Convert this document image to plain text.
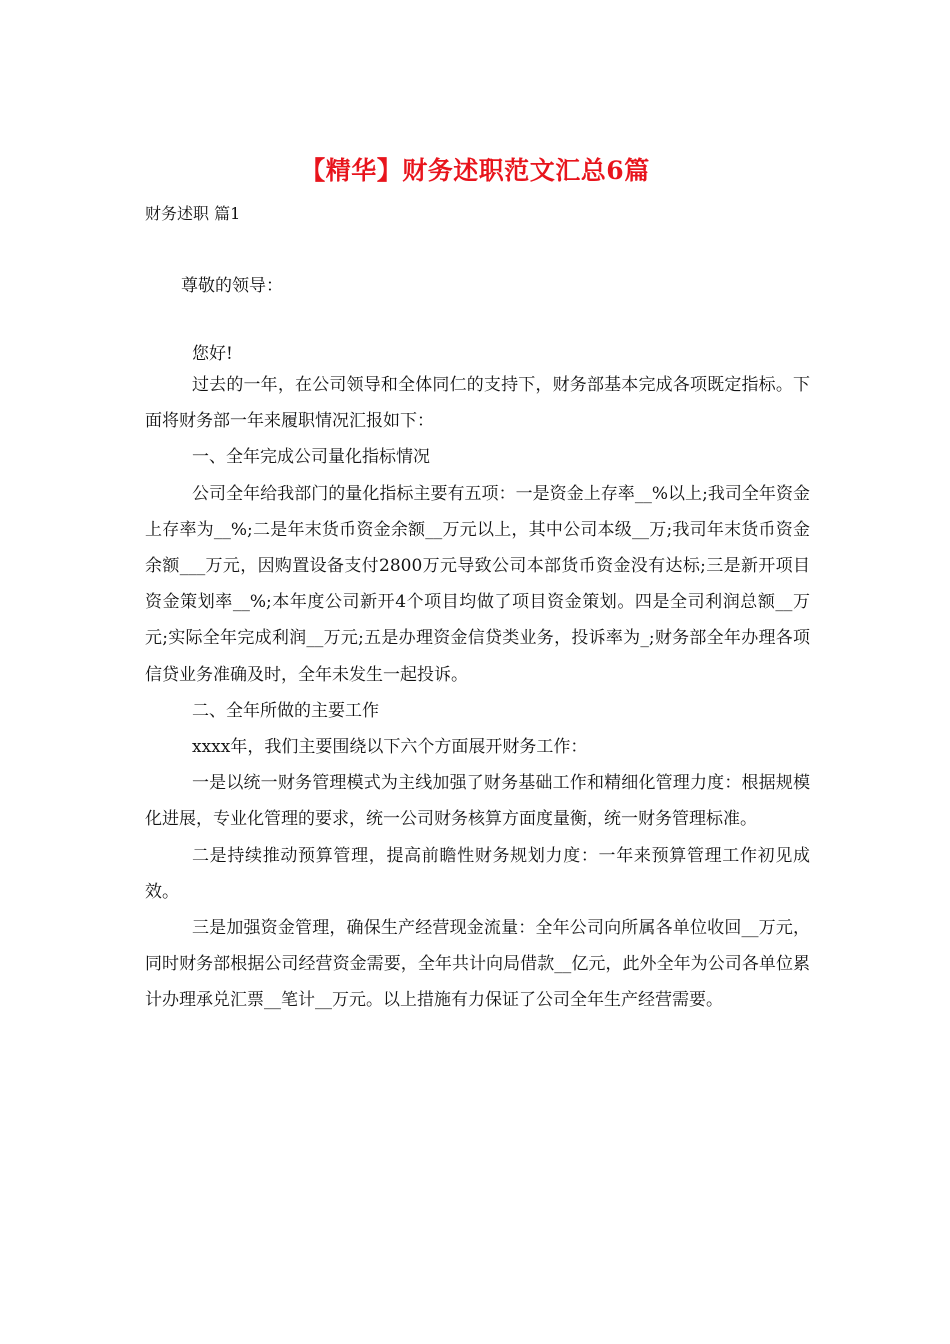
【精华】财务述职范文汇总6篇
财务述职 篇1
尊敬的领导：
您好!

过去的一年，在公司领导和全体同仁的支持下，财务部基本完成各项既定指标。下面将财务部一年来履职情况汇报如下：

一、全年完成公司量化指标情况

公司全年给我部门的量化指标主要有五项：一是资金上存率__%以上;我司全年资金上存率为__%;二是年末货币资金余额__万元以上，其中公司本级__万;我司年末货币资金余额___万元，因购置设备支付2800万元导致公司本部货币资金没有达标;三是新开项目资金策划率__%;本年度公司新开4个项目均做了项目资金策划。四是全司利润总额__万元;实际全年完成利润__万元;五是办理资金信贷类业务，投诉率为_;财务部全年办理各项信贷业务准确及时，全年未发生一起投诉。

二、全年所做的主要工作

xxxx年，我们主要围绕以下六个方面展开财务工作：

一是以统一财务管理模式为主线加强了财务基础工作和精细化管理力度：根据规模化进展，专业化管理的要求，统一公司财务核算方面度量衡，统一财务管理标准。

二是持续推动预算管理，提高前瞻性财务规划力度：一年来预算管理工作初见成效。

三是加强资金管理，确保生产经营现金流量：全年公司向所属各单位收回__万元，同时财务部根据公司经营资金需要，全年共计向局借款__亿元，此外全年为公司各单位累计办理承兑汇票__笔计__万元。以上措施有力保证了公司全年生产经营需要。
